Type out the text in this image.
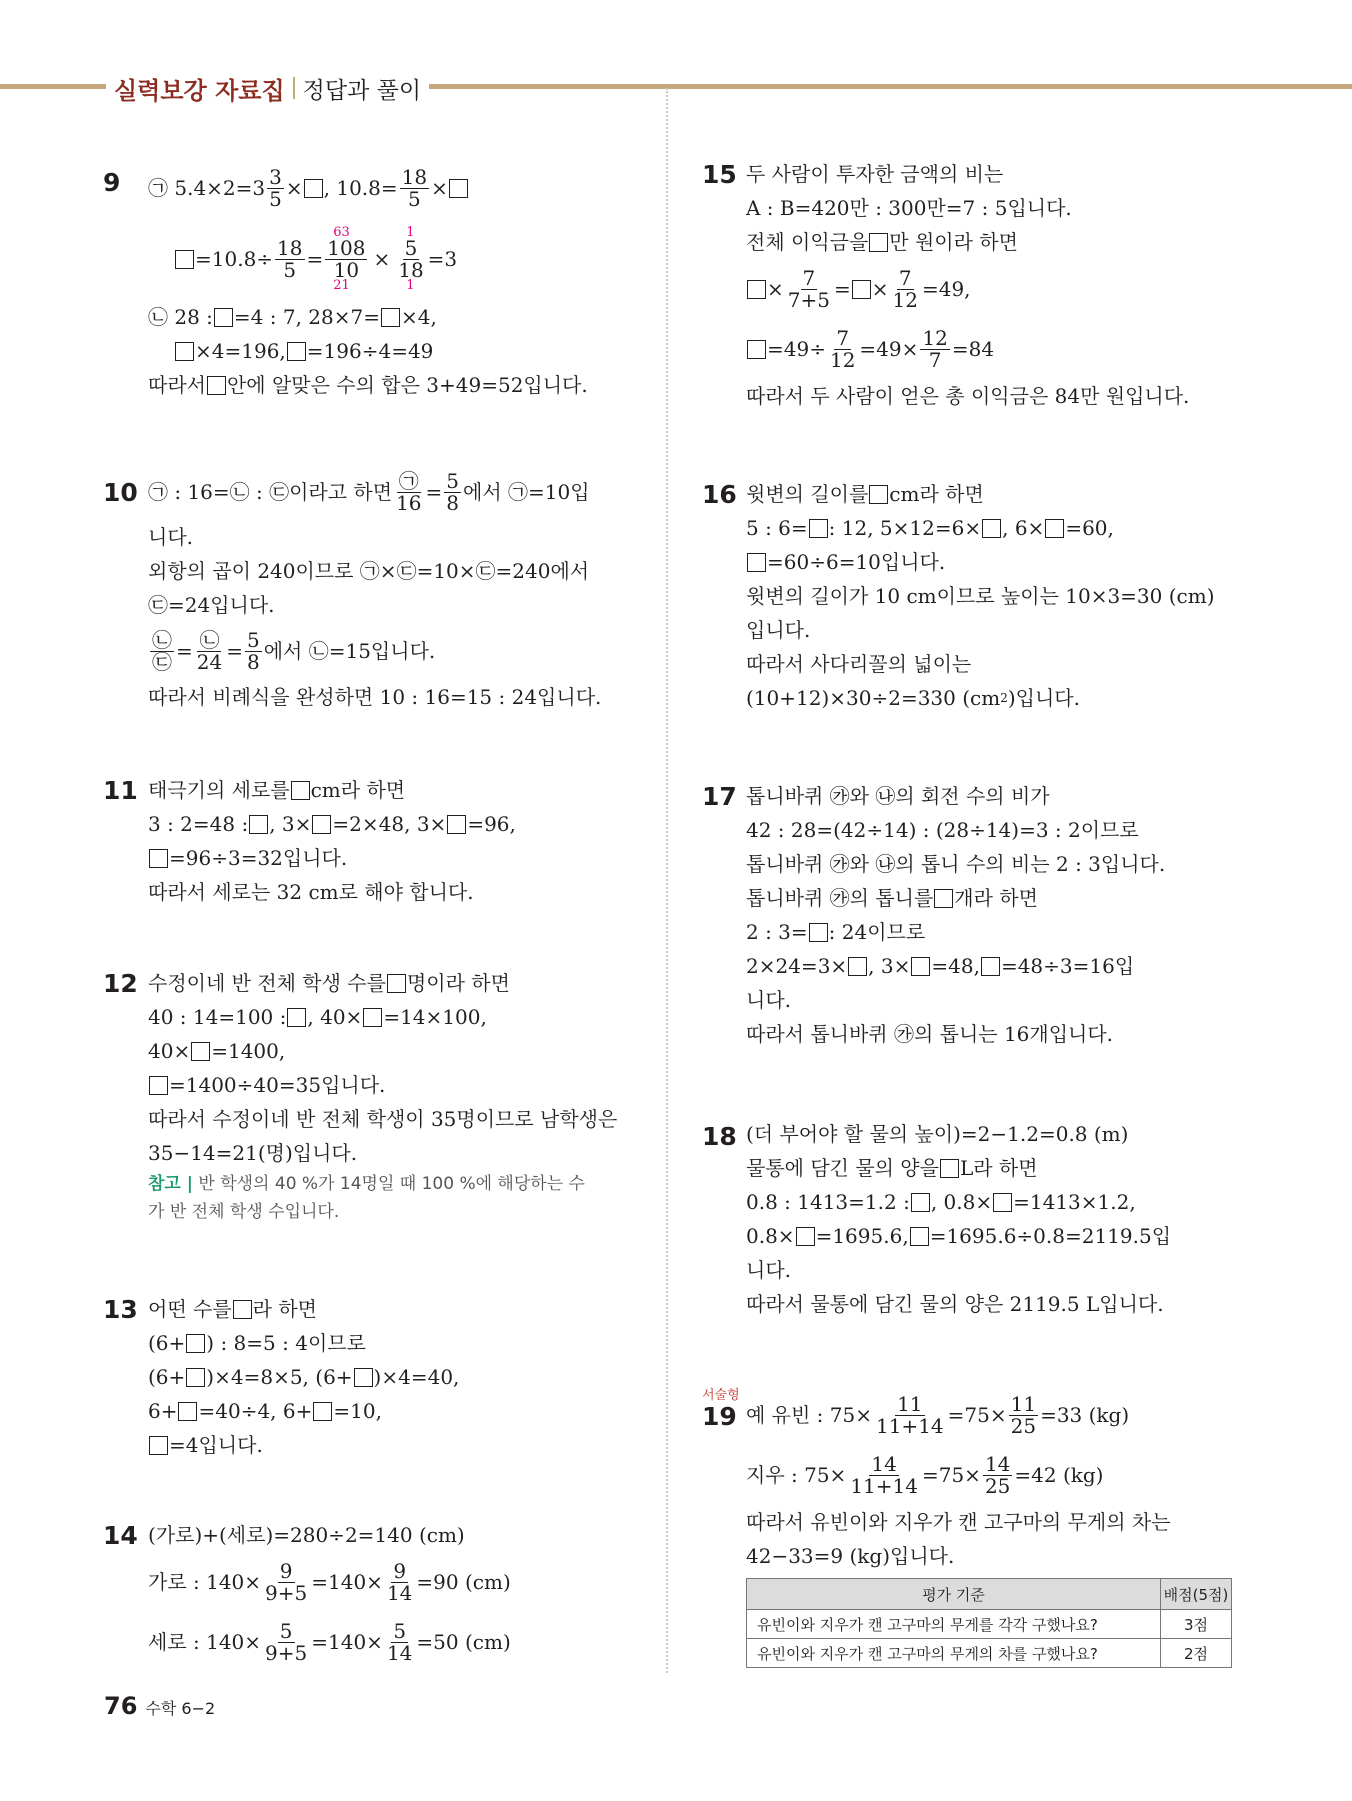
실력보강 자료집 정답과 풀이
9 ㉠ $5.4\times 2=3 \frac{3}{5}$ × , $10.8= \frac{18}{5}$ ×
$=10.8\div \frac{18}{5}$ =
63
$\frac{108}{10}$
21
×
1
$\frac{5}{18}$
1
=3
㉡ 28 : =4 : 7, 28×7= ×4,
×4=196, =196÷4=49
따라서 안에 알맞은 수의 합은 3+49=52입니다.
10 ㉠ : 16=㉡ : ㉢이라고 하면 ㉠
$16 = \frac{5}{8}$ 에서 ㉠=10입
니다.
외항의 곱이 240이므로 ㉠×㉢=10×㉢=240에서
㉢=24입니다.
㉡
㉢ = ㉡
$24 = \frac{5}{8}$ 에서 ㉡=15입니다.
따라서 비례식을 완성하면 10 : 16=15 : 24입니다.
11 태극기의 세로를 cm라 하면
3 : 2=48 : , 3× =2×48, 3× =96,
=96÷3=32입니다.
따라서 세로는 32 cm로 해야 합니다.
12 수정이네 반 전체 학생 수를 명이라 하면
40 : 14=100 : , 40× =14×100,
40× =1400,
=1400÷40=35입니다.
따라서 수정이네 반 전체 학생이 35명이므로 남학생은
35−14=21(명)입니다.
참고 | 반 학생의 40 %가 14명일 때 100 %에 해당하는 수
가 반 전체 학생 수입니다.
13 어떤 수를 라 하면
(6+ ) : 8=5 : 4이므로
(6+ )×4=8×5, (6+ )×4=40,
6+ =40÷4, 6+ =10,
=4입니다.
14 (가로)+(세로)=280÷2=140 (cm)
가로 : $140\times \frac{9}{9+5} =140\times \frac{9}{14} =90$ (cm)
세로 : $140\times \frac{5}{9+5} =140\times \frac{5}{14} =50$ (cm)
15 두 사람이 투자한 금액의 비는
A : B=420만 : 300만=7 : 5입니다.
전체 이익금을 만 원이라 하면
× $\frac{7}{7+5}$ = × $\frac{7}{12} =49$,
$=49\div \frac{7}{12} =49\times \frac{12}{7} =84$
따라서 두 사람이 얻은 총 이익금은 84만 원입니다.
16 윗변의 길이를 cm라 하면
5 : 6= : 12, 5×12=6× , 6× =60,
=60÷6=10입니다.
윗변의 길이가 10 cm이므로 높이는 10×3=30 (cm)
입니다.
따라서 사다리꼴의 넓이는
(10+12)×30÷2=330 (cm 2 )입니다.
17 톱니바퀴 ㉮와 ㉯의 회전 수의 비가
42 : 28=(42÷14) : (28÷14)=3 : 2이므로
톱니바퀴 ㉮와 ㉯의 톱니 수의 비는 2 : 3입니다.
톱니바퀴 ㉮의 톱니를 개라 하면
2 : 3= : 24이므로
2×24=3× , 3× =48, =48÷3=16입
니다.
따라서 톱니바퀴 ㉮의 톱니는 16개입니다.
18 (더 부어야 할 물의 높이)=2−1.2=0.8 (m)
물통에 담긴 물의 양을 L라 하면
0.8 : 1413=1.2 : , 0.8× =1413×1.2,
0.8× =1695.6, =1695.6÷0.8=2119.5입
니다.
따라서 물통에 담긴 물의 양은 2119.5 L입니다.
서술형
19 예 유빈 : $75\times \frac{11}{11+14} =75\times \frac{11}{25} =33$ (kg)
지우 : $75\times \frac{14}{11+14} =75\times \frac{14}{25} =42$ (kg)
따라서 유빈이와 지우가 캔 고구마의 무게의 차는
42−33=9 (kg)입니다.
평가 기준	배점(5점)
유빈이와 지우가 캔 고구마의 무게를 각각 구했나요?	3점
유빈이와 지우가 캔 고구마의 무게의 차를 구했나요?	2점
76 수학 6−2
